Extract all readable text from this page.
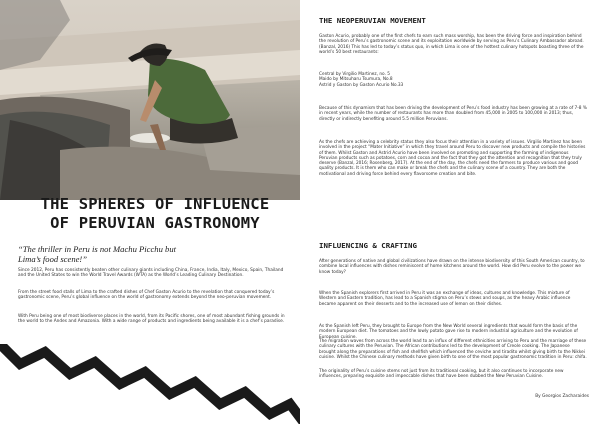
THE SPHERES OF INFLUENCE
OF PERUVIAN GASTRONOMY

“The thriller in Peru is not Machu Picchu but Lima’s food scene!”

Since 2012, Peru has consistently beaten other culinary giants including China, France, India, Italy, Mexico, Spain, Thailand and the United States to win the World Travel Awards (WTA) as the World’s Leading Culinary Destination.

From the street food stalls of Lima to the crafted dishes of Chef Gaston Acurio to the revelation that conquered today’s gastronomic scene, Peru’s global influence on the world of gastronomy extends beyond the neo-peruvian movement.

With Peru being one of most biodiverse places in the world, from its Pacific shores, one of most abundant fishing grounds in the world to the Andes and Amazonia. With a wide range of products and ingredients being available it is a chef’s paradise.

THE NEOPERUVIAN MOVEMENT

Gaston Acurio, probably one of the first chefs to earn such mass worship, has been the driving force and inspiration behind the revolution of Peru’s gastronomic scene and its exploitation worldwide by serving as Peru’s Culinary Ambassador abroad. (Banzal, 2016) This has led to today’s status quo, in which Lima is one of the hottest culinary hotspots boasting three of the world’s 50 best restaurants:

Central by Virgilio Martinez, no. 5
Maido by Mitsuharu Tsumura, No.8
Astrid y Gaston by Gaston Acurio No.33

Because of this dynamism that has been driving the development of Peru’s food industry has been growing at a rate of 7-8 % in recent years, while the number of restaurants has more than doubled from 45,000 in 2005 to 100,000 in 2013; thus, directly or indirectly benefiting around 5.5 million Peruvians.

As the chefs are achieving a celebrity status they also focus their attention in a variety of issues. Virgilio Martinez has been involved in the project “Mater Initiative” in which they travel around Peru to discover new products and compile the histories of them. Whilst Gaston and Astrid Acurio have been involved on promoting and supporting the farming of indigenous Peruvian products such as potatoes, corn and cocoa and the fact that they got the attention and recognition that they truly deserve (Banzal, 2016; Rosenberg, 2017). At the end of the day, the chefs need the farmers to produce various and good quality products. It is them who can make or break the chefs and the culinary scene of a country. They are both the motivational and driving force behind every flavorsome creation and bite.

INFLUENCING & CRAFTING

After generations of native and global civilizations have drawn on the intense biodiversity of this South American country, to combine local influences with dishes reminiscent of home kitchens around the world. How did Peru evolve to the power we know today?

When the Spanish explorers first arrived in Peru it was an exchange of ideas, cultures and knowledge. This mixture of Western and Eastern tradition, has lead to a Spanish stigma on Peru’s stews and soups, as the heavy Arabic influence became apparent on their desserts and to the increased use of lemon on their dishes.

As the Spanish left Peru, they brought to Europe from the New World several ingredients that would form the basis of the modern European diet. The tomatoes and the lowly potato gave rise to modern industrial agriculture and the evolution of European cuisine.

The migration waves from across the world lead to an influx of different ethnicities arriving to Peru and the marriage of these culinary cultures with the Peruvian. The African contributions led to the development of Creole cooking. The Japanese brought along the preparations of fish and shellfish which influenced the ceviche and tiradito whilst giving birth to the Nikkei cuisine. Whilst the Chinese culinary methods have given birth to one of the most popular gastronomic tradition in Peru: chifa.

The originality of Peru’s cuisine stems not just from its traditional cooking, but it also continues to incorporate new influences, preparing exquisite and impeccable dishes that have been dubbed the New Peruvian Cuisine.

By Georgios Zacharaides
